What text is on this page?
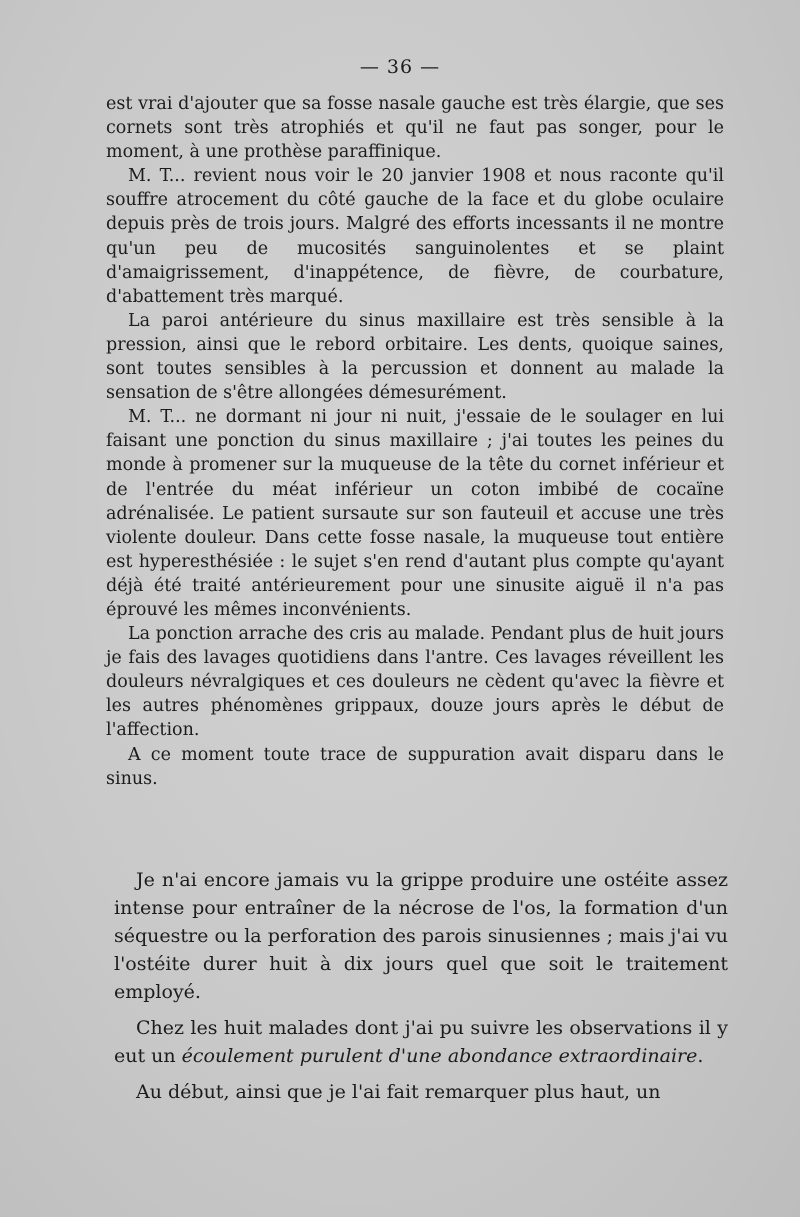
— 36 —

est vrai d'ajouter que sa fosse nasale gauche est très élargie, que ses cornets sont très atrophiés et qu'il ne faut pas songer, pour le moment, à une prothèse paraffinique.

M. T... revient nous voir le 20 janvier 1908 et nous raconte qu'il souffre atrocement du côté gauche de la face et du globe oculaire depuis près de trois jours. Malgré des efforts incessants il ne montre qu'un peu de mucosités sanguinolentes et se plaint d'amaigrissement, d'inappétence, de fièvre, de courbature, d'abattement très marqué.

La paroi antérieure du sinus maxillaire est très sensible à la pression, ainsi que le rebord orbitaire. Les dents, quoique saines, sont toutes sensibles à la percussion et donnent au malade la sensation de s'être allongées démesurément.

M. T... ne dormant ni jour ni nuit, j'essaie de le soulager en lui faisant une ponction du sinus maxillaire ; j'ai toutes les peines du monde à promener sur la muqueuse de la tête du cornet inférieur et de l'entrée du méat inférieur un coton imbibé de cocaïne adrénalisée. Le patient sursaute sur son fauteuil et accuse une très violente douleur. Dans cette fosse nasale, la muqueuse tout entière est hyperesthésiée : le sujet s'en rend d'autant plus compte qu'ayant déjà été traité antérieurement pour une sinusite aiguë il n'a pas éprouvé les mêmes inconvénients.

La ponction arrache des cris au malade. Pendant plus de huit jours je fais des lavages quotidiens dans l'antre. Ces lavages réveillent les douleurs névralgiques et ces douleurs ne cèdent qu'avec la fièvre et les autres phénomènes grippaux, douze jours après le début de l'affection.

A ce moment toute trace de suppuration avait disparu dans le sinus.

Je n'ai encore jamais vu la grippe produire une ostéite assez intense pour entraîner de la nécrose de l'os, la formation d'un séquestre ou la perforation des parois sinusiennes ; mais j'ai vu l'ostéite durer huit à dix jours quel que soit le traitement employé.

Chez les huit malades dont j'ai pu suivre les observations il y eut un écoulement purulent d'une abondance extraordinaire.

Au début, ainsi que je l'ai fait remarquer plus haut, un
